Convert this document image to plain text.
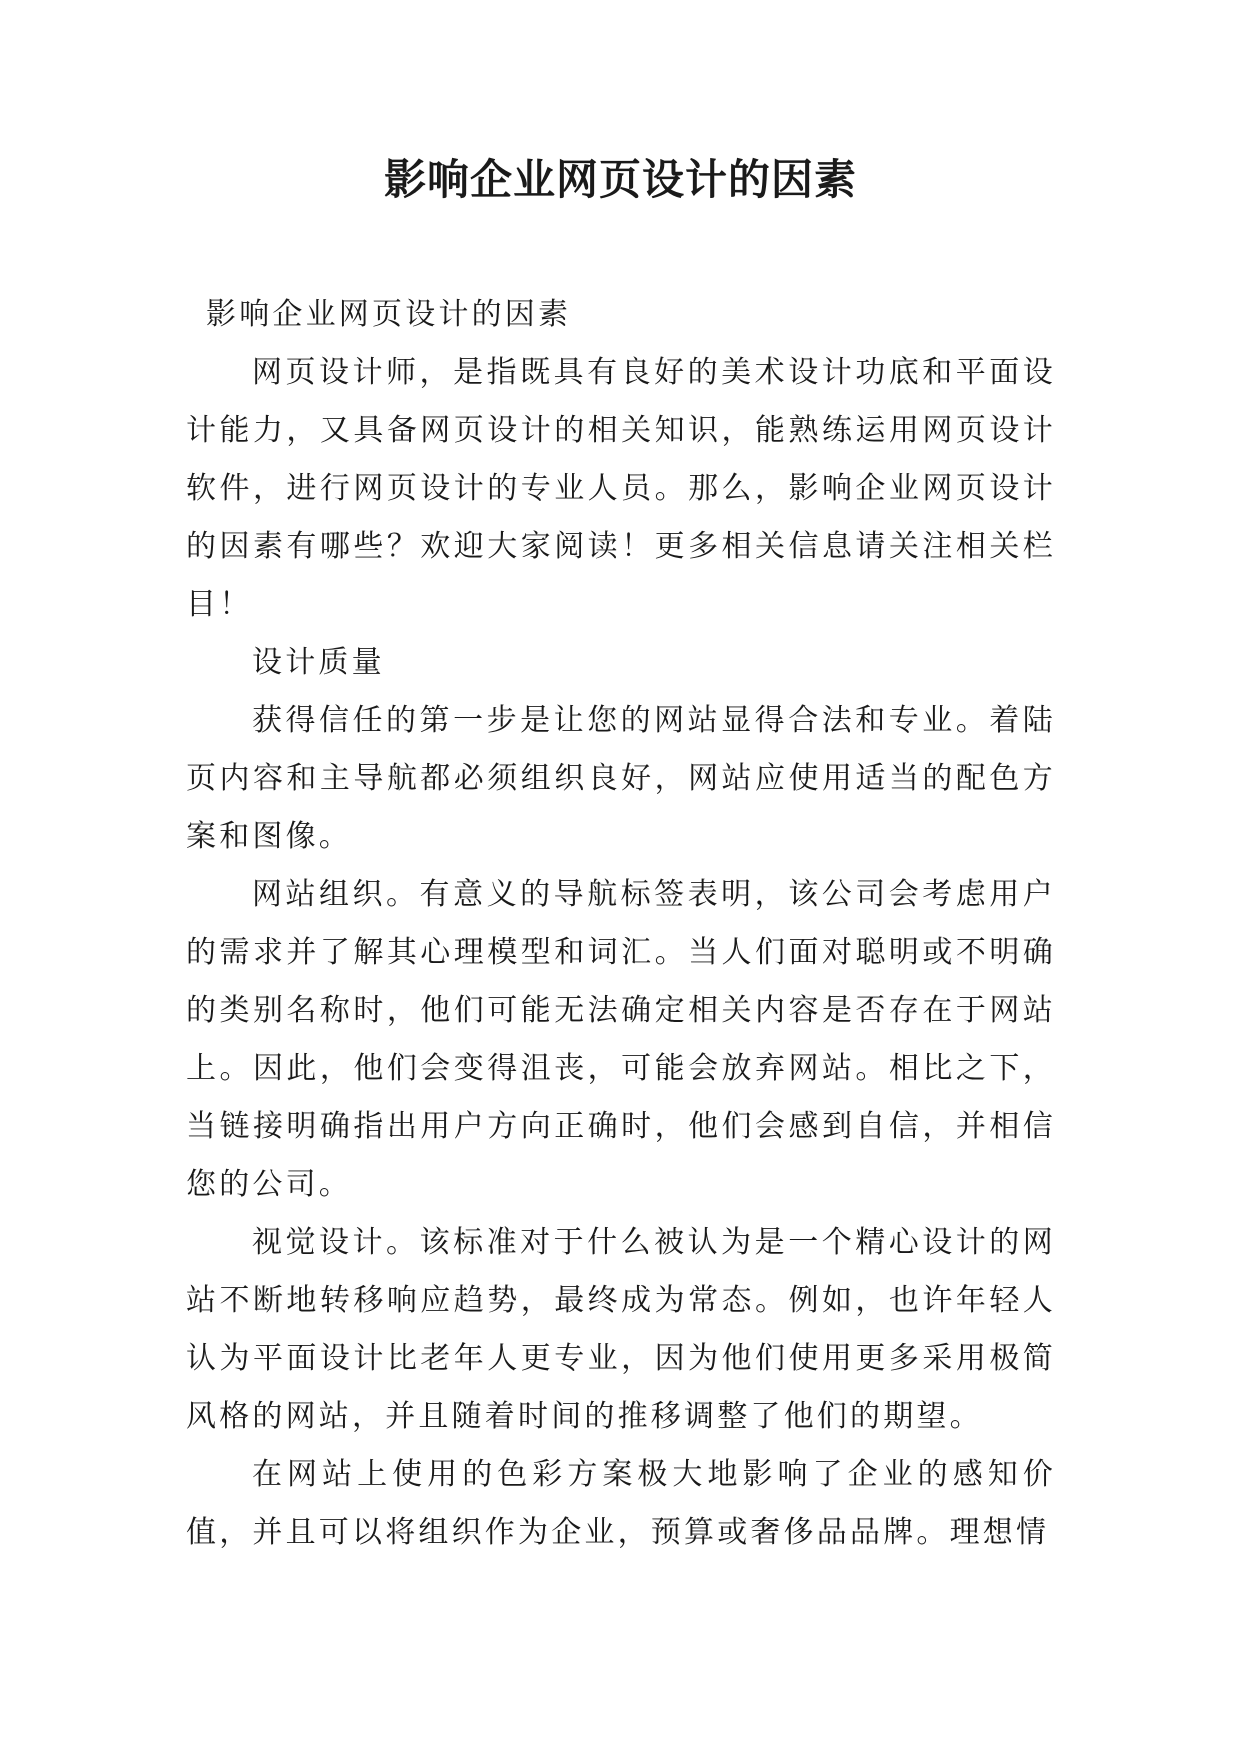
影响企业网页设计的因素

影响企业网页设计的因素

网页设计师，是指既具有良好的美术设计功底和平面设计能力，又具备网页设计的相关知识，能熟练运用网页设计软件，进行网页设计的专业人员。那么，影响企业网页设计的因素有哪些？欢迎大家阅读！更多相关信息请关注相关栏目！

设计质量

获得信任的第一步是让您的网站显得合法和专业。着陆页内容和主导航都必须组织良好，网站应使用适当的配色方案和图像。

网站组织。有意义的导航标签表明，该公司会考虑用户的需求并了解其心理模型和词汇。当人们面对聪明或不明确的类别名称时，他们可能无法确定相关内容是否存在于网站上。因此，他们会变得沮丧，可能会放弃网站。相比之下，当链接明确指出用户方向正确时，他们会感到自信，并相信您的公司。

视觉设计。该标准对于什么被认为是一个精心设计的网站不断地转移响应趋势，最终成为常态。例如，也许年轻人认为平面设计比老年人更专业，因为他们使用更多采用极简风格的网站，并且随着时间的推移调整了他们的期望。

在网站上使用的色彩方案极大地影响了企业的感知价值，并且可以将组织作为企业，预算或奢侈品品牌。理想情
